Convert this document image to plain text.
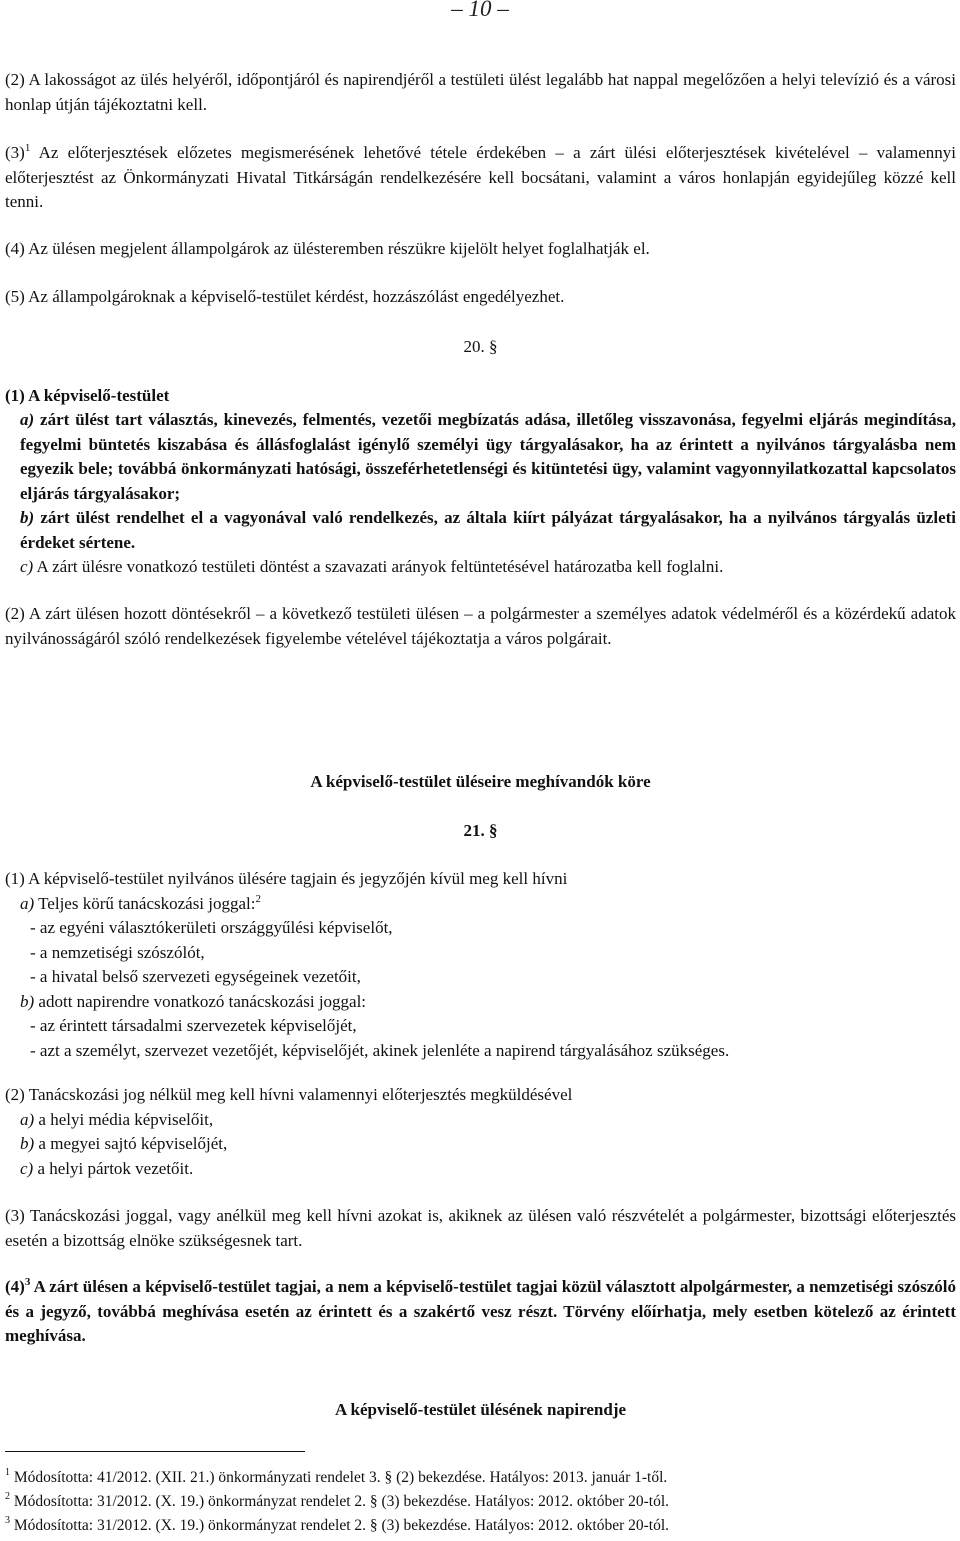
– 10 –

(2) A lakosságot az ülés helyéről, időpontjáról és napirendjéről a testületi ülést legalább hat nappal megelőzően a helyi televízió és a városi honlap útján tájékoztatni kell.

$(3)^1$ Az előterjesztések előzetes megismerésének lehetővé tétele érdekében – a zárt ülési előterjesztések kivételével – valamennyi előterjesztést az Önkormányzati Hivatal Titkárságán rendelkezésére kell bocsátani, valamint a város honlapján egyidejűleg közzé kell tenni.

(4) Az ülésen megjelent állampolgárok az ülésteremben részükre kijelölt helyet foglalhatják el.

(5) Az állampolgároknak a képviselő-testület kérdést, hozzászólást engedélyezhet.

20. §

(1) A képviselő-testület

a) zárt ülést tart választás, kinevezés, felmentés, vezetői megbízatás adása, illetőleg visszavonása, fegyelmi eljárás megindítása, fegyelmi büntetés kiszabása és állásfoglalást igénylő személyi ügy tárgyalásakor, ha az érintett a nyilvános tárgyalásba nem egyezik bele; továbbá önkormányzati hatósági, összeférhetetlenségi és kitüntetési ügy, valamint vagyonnyilatkozattal kapcsolatos eljárás tárgyalásakor;

b) zárt ülést rendelhet el a vagyonával való rendelkezés, az általa kiírt pályázat tárgyalásakor, ha a nyilvános tárgyalás üzleti érdeket sértene.

c) A zárt ülésre vonatkozó testületi döntést a szavazati arányok feltüntetésével határozatba kell foglalni.

(2) A zárt ülésen hozott döntésekről – a következő testületi ülésen – a polgármester a személyes adatok védelméről és a közérdekű adatok nyilvánosságáról szóló rendelkezések figyelembe vételével tájékoztatja a város polgárait.

A képviselő-testület üléseire meghívandók köre

21. §

(1) A képviselő-testület nyilvános ülésére tagjain és jegyzőjén kívül meg kell hívni
a) Teljes körű tanácskozási joggal:$^2$
- az egyéni választókerületi országgyűlési képviselőt,
- a nemzetiségi szószólót,
- a hivatal belső szervezeti egységeinek vezetőit,
b) adott napirendre vonatkozó tanácskozási joggal:
- az érintett társadalmi szervezetek képviselőjét,
- azt a személyt, szervezet vezetőjét, képviselőjét, akinek jelenléte a napirend tárgyalásához szükséges.
(2) Tanácskozási jog nélkül meg kell hívni valamennyi előterjesztés megküldésével
a) a helyi média képviselőit,
b) a megyei sajtó képviselőjét,
c) a helyi pártok vezetőit.

(3) Tanácskozási joggal, vagy anélkül meg kell hívni azokat is, akiknek az ülésen való részvételét a polgármester, bizottsági előterjesztés esetén a bizottság elnöke szükségesnek tart.

$(4)^3$ A zárt ülésen a képviselő-testület tagjai, a nem a képviselő-testület tagjai közül választott alpolgármester, a nemzetiségi szószóló és a jegyző, továbbá meghívása esetén az érintett és a szakértő vesz részt. Törvény előírhatja, mely esetben kötelező az érintett meghívása.

A képviselő-testület ülésének napirendje

$^1$ Módosította: 41/2012. (XII. 21.) önkormányzati rendelet 3. § (2) bekezdése. Hatályos: 2013. január 1-től.

$^2$ Módosította: 31/2012. (X. 19.) önkormányzat rendelet 2. § (3) bekezdése. Hatályos: 2012. október 20-tól.

$^3$ Módosította: 31/2012. (X. 19.) önkormányzat rendelet 2. § (3) bekezdése. Hatályos: 2012. október 20-tól.
